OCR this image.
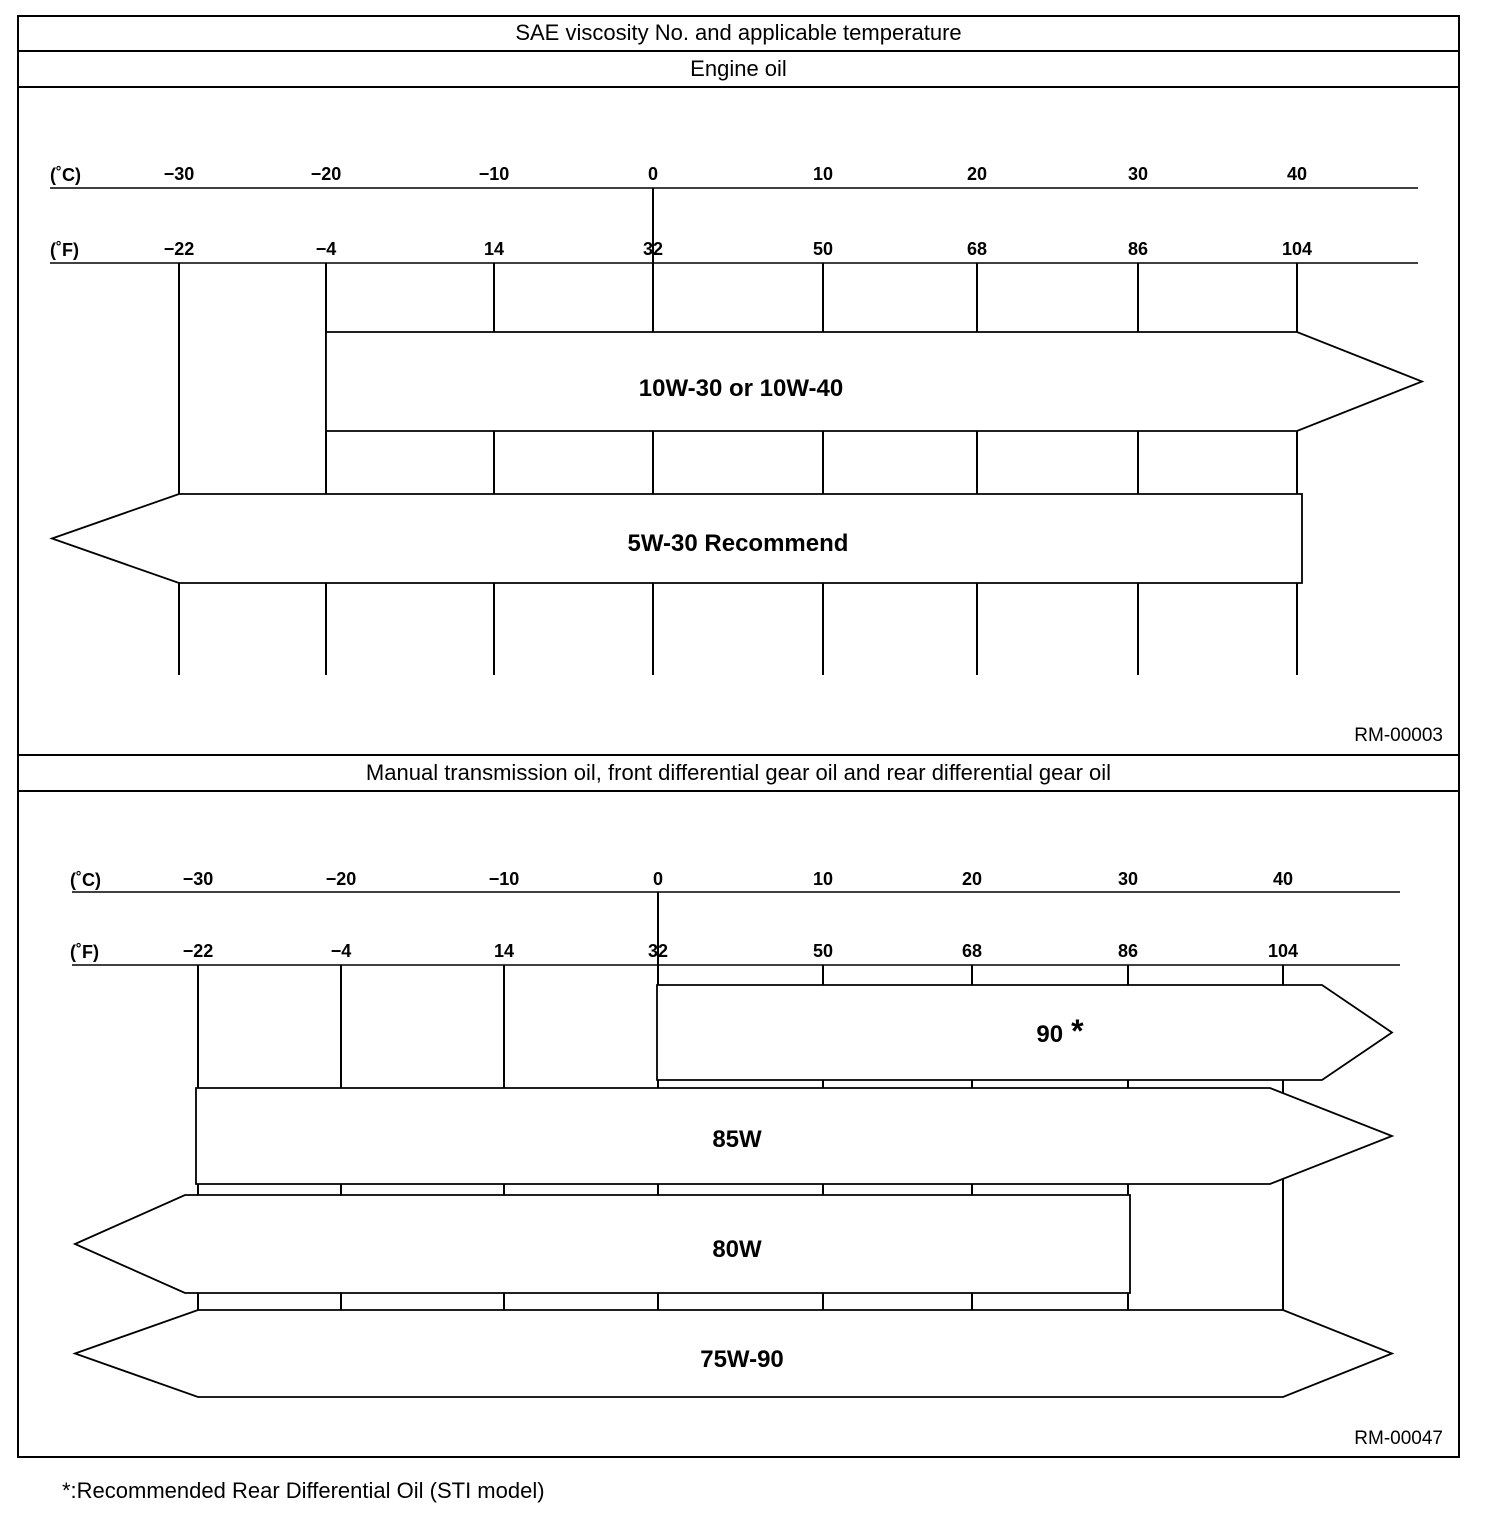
SAE viscosity No. and applicable temperature
Engine oil
Manual transmission oil, front differential gear oil and rear differential gear oil
10W-30 or 10W-40
5W-30 Recommend
−30	−20	−10	0	10	20	30	40
−22	−4	14	32	50	68	86	104
(˚C)
(˚F)
RM-00003
90 *
85W
80W
75W-90
−30	−20	−10	0	10	20	30	40
−22	−4	14	32	50	68	86	104
(˚C)
(˚F)
RM-00047
*:Recommended Rear Differential Oil (STI model)
